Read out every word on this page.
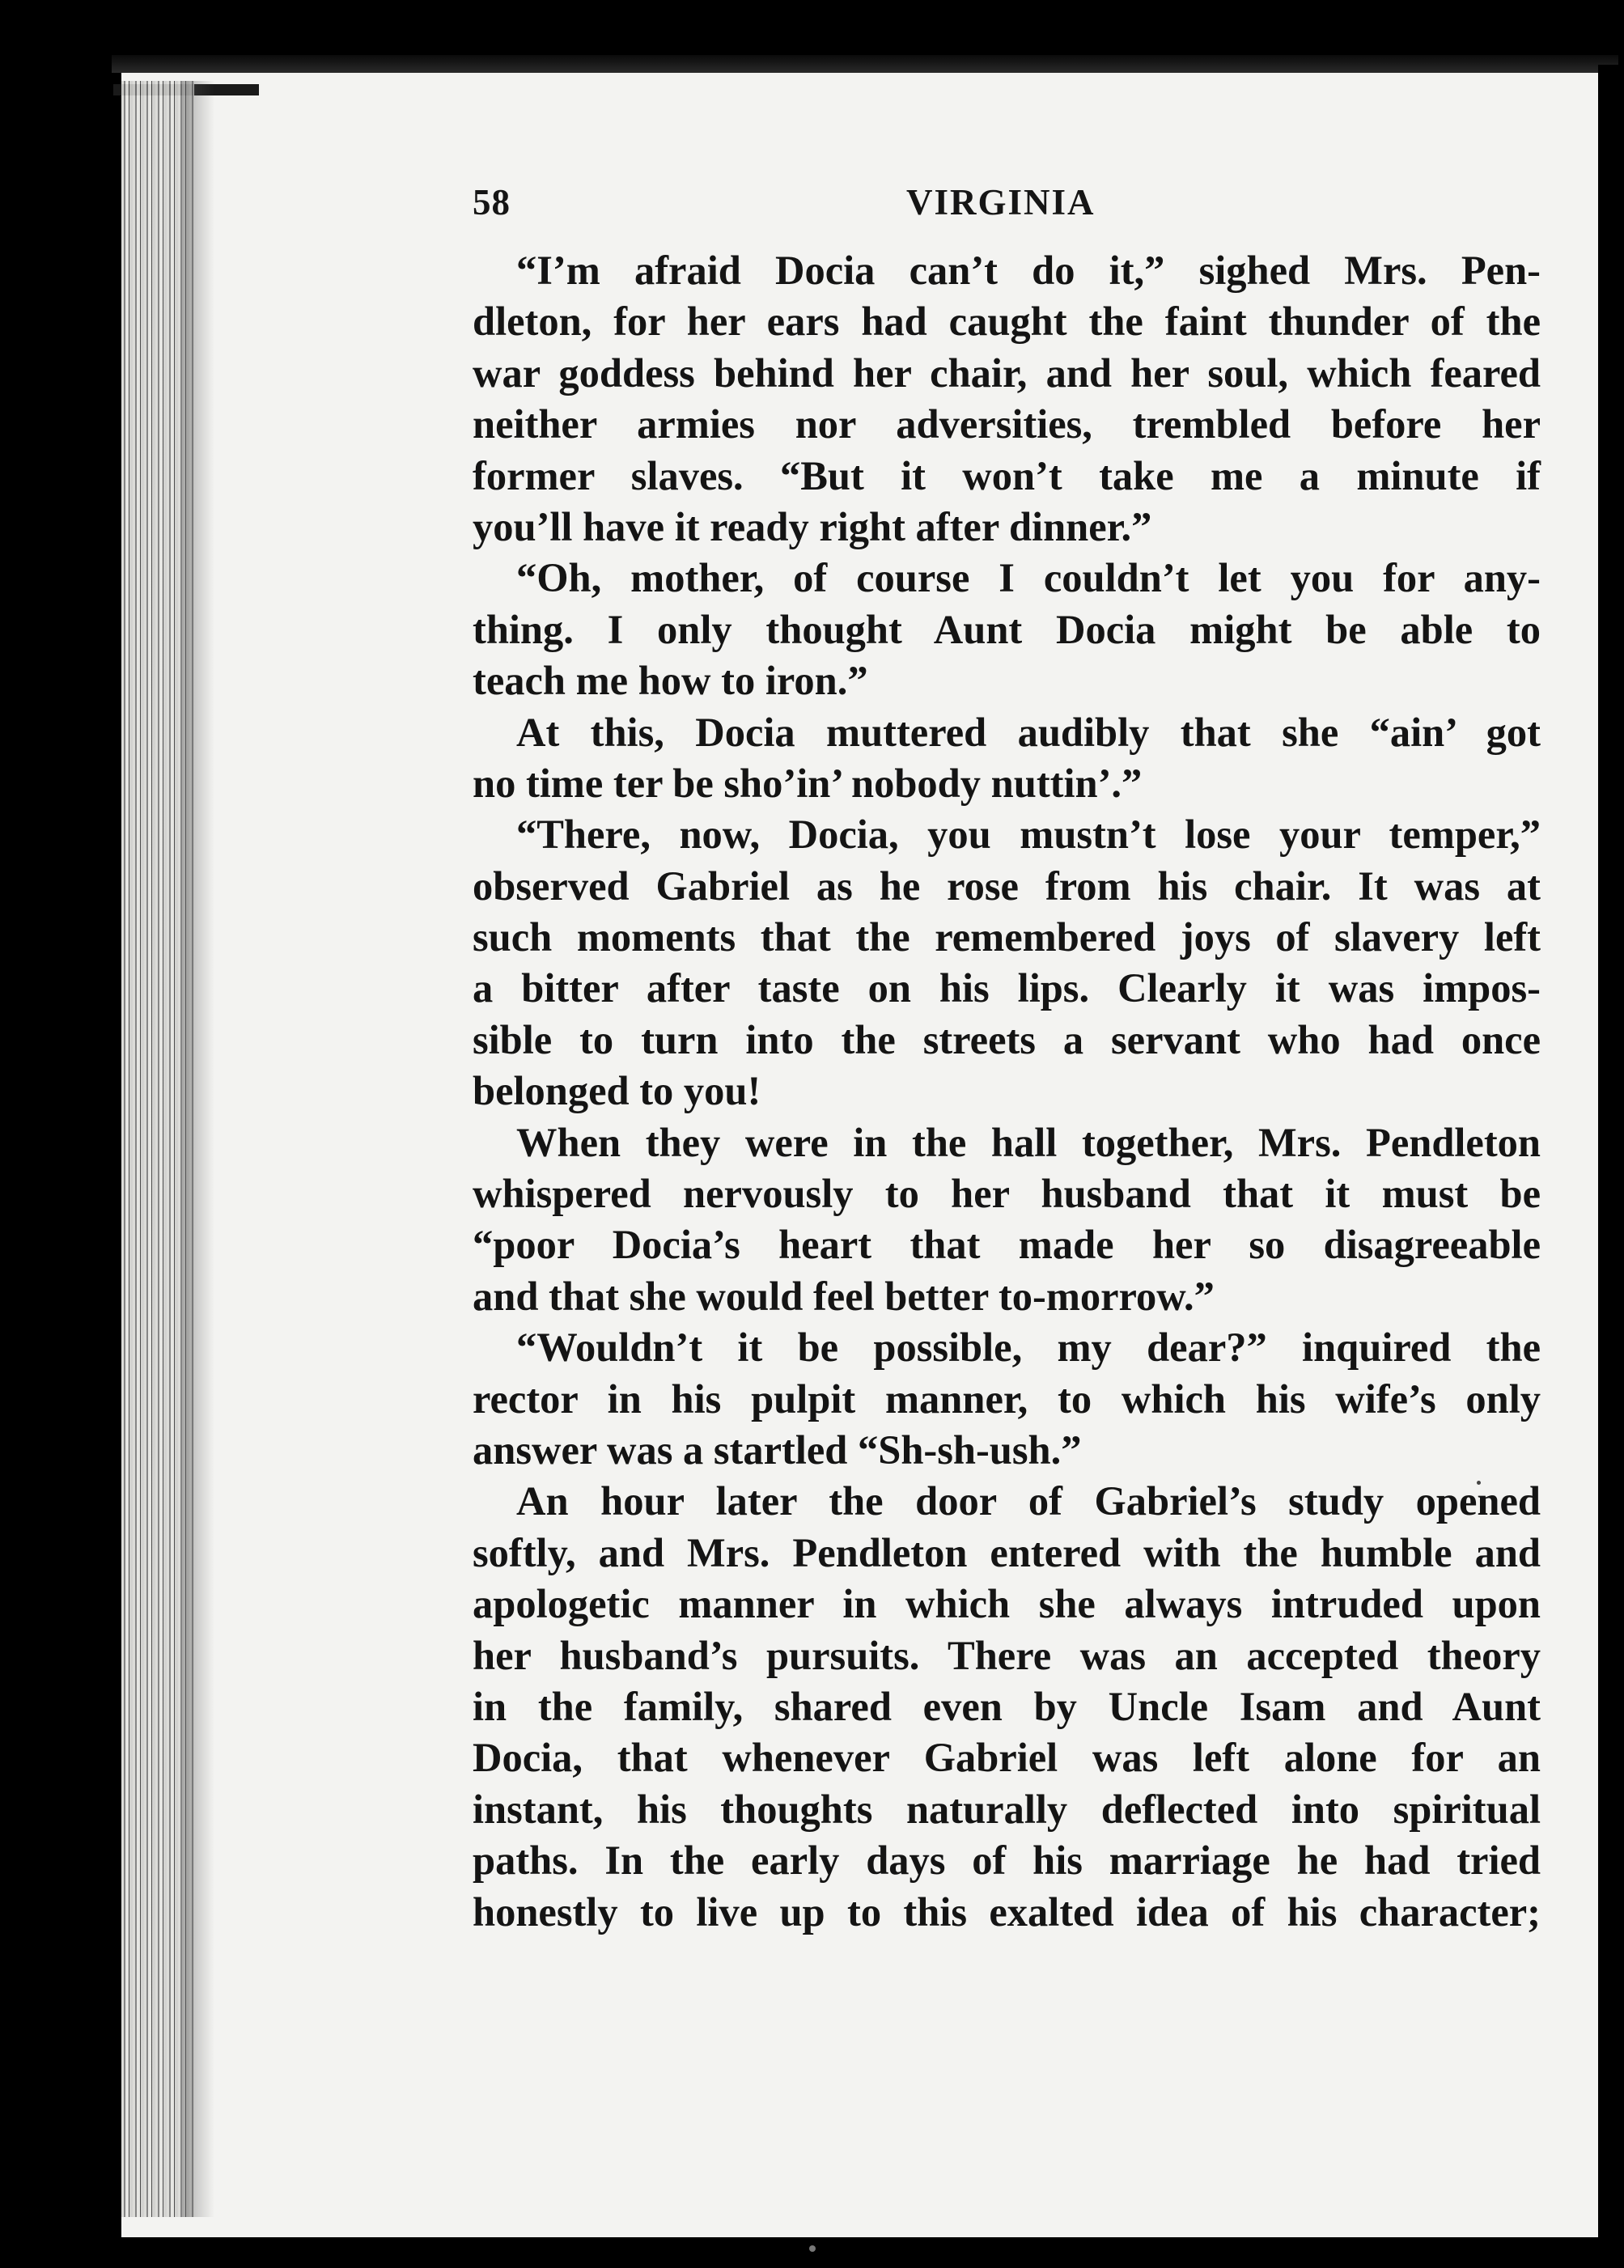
58	VIRGINIA
“I’m afraid Docia can’t do it,” sighed Mrs. Pen-
dleton, for her ears had caught the faint thunder of the
war goddess behind her chair, and her soul, which feared
neither armies nor adversities, trembled before her
former slaves. “But it won’t take me a minute if
you’ll have it ready right after dinner.”
“Oh, mother, of course I couldn’t let you for any-
thing. I only thought Aunt Docia might be able to
teach me how to iron.”
At this, Docia muttered audibly that she “ain’ got
no time ter be sho’in’ nobody nuttin’.”
“There, now, Docia, you mustn’t lose your temper,”
observed Gabriel as he rose from his chair. It was at
such moments that the remembered joys of slavery left
a bitter after taste on his lips. Clearly it was impos-
sible to turn into the streets a servant who had once
belonged to you!
When they were in the hall together, Mrs. Pendleton
whispered nervously to her husband that it must be
“poor Docia’s heart that made her so disagreeable
and that she would feel better to-morrow.”
“Wouldn’t it be possible, my dear?” inquired the
rector in his pulpit manner, to which his wife’s only
answer was a startled “Sh-sh-ush.”
An hour later the door of Gabriel’s study opened
softly, and Mrs. Pendleton entered with the humble and
apologetic manner in which she always intruded upon
her husband’s pursuits. There was an accepted theory
in the family, shared even by Uncle Isam and Aunt
Docia, that whenever Gabriel was left alone for an
instant, his thoughts naturally deflected into spiritual
paths. In the early days of his marriage he had tried
honestly to live up to this exalted idea of his character;
